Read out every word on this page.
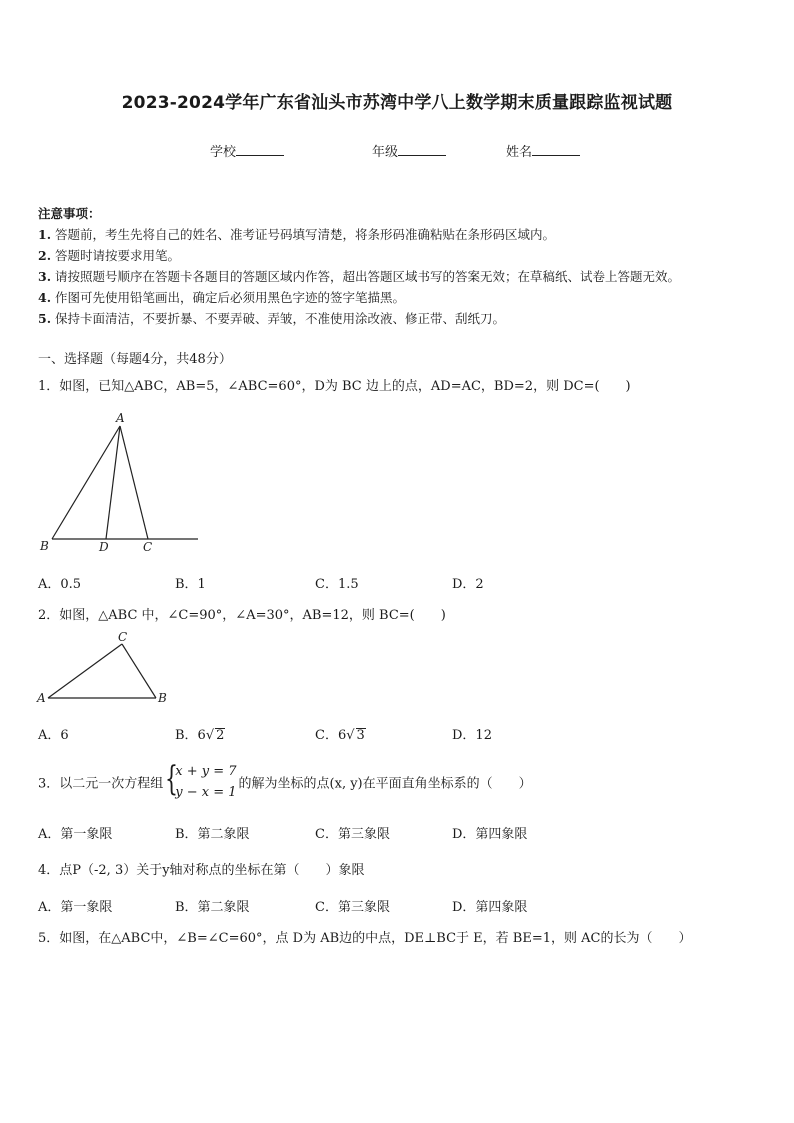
2023-2024学年广东省汕头市苏湾中学八上数学期末质量跟踪监视试题
学校	年级	姓名
注意事项：
1. 答题前，考生先将自己的姓名、准考证号码填写清楚，将条形码准确粘贴在条形码区域内。
2. 答题时请按要求用笔。
3. 请按照题号顺序在答题卡各题目的答题区域内作答，超出答题区域书写的答案无效；在草稿纸、试卷上答题无效。
4. 作图可先使用铅笔画出，确定后必须用黑色字迹的签字笔描黑。
5. 保持卡面清洁，不要折暴、不要弄破、弄皱，不准使用涂改液、修正带、刮纸刀。
一、选择题（每题4分，共48分）
1．如图，已知△ABC，AB=5，∠ABC=60°，D为 BC 边上的点，AD=AC，BD=2，则 DC=(　　)
A
B	D	C
A．0.5	B．1	C．1.5	D．2
2．如图，△ABC 中，∠C=90°，∠A=30°，AB=12，则 BC=(　　)
C
A	B
A．6	B．6√ 2	C．6√ 3	D．12
3．以二元一次方程组 {
x + y = 7
y − x = 1
的解为坐标的点(x, y)在平面直角坐标系的（　　）
A．第一象限	B．第二象限	C．第三象限	D．第四象限
4．点P（-2, 3）关于y轴对称点的坐标在第（　　）象限
A．第一象限	B．第二象限	C．第三象限	D．第四象限
5．如图，在△ABC中，∠B=∠C=60°，点 D为 AB边的中点，DE⊥BC于 E，若 BE=1，则 AC的长为（　　）
